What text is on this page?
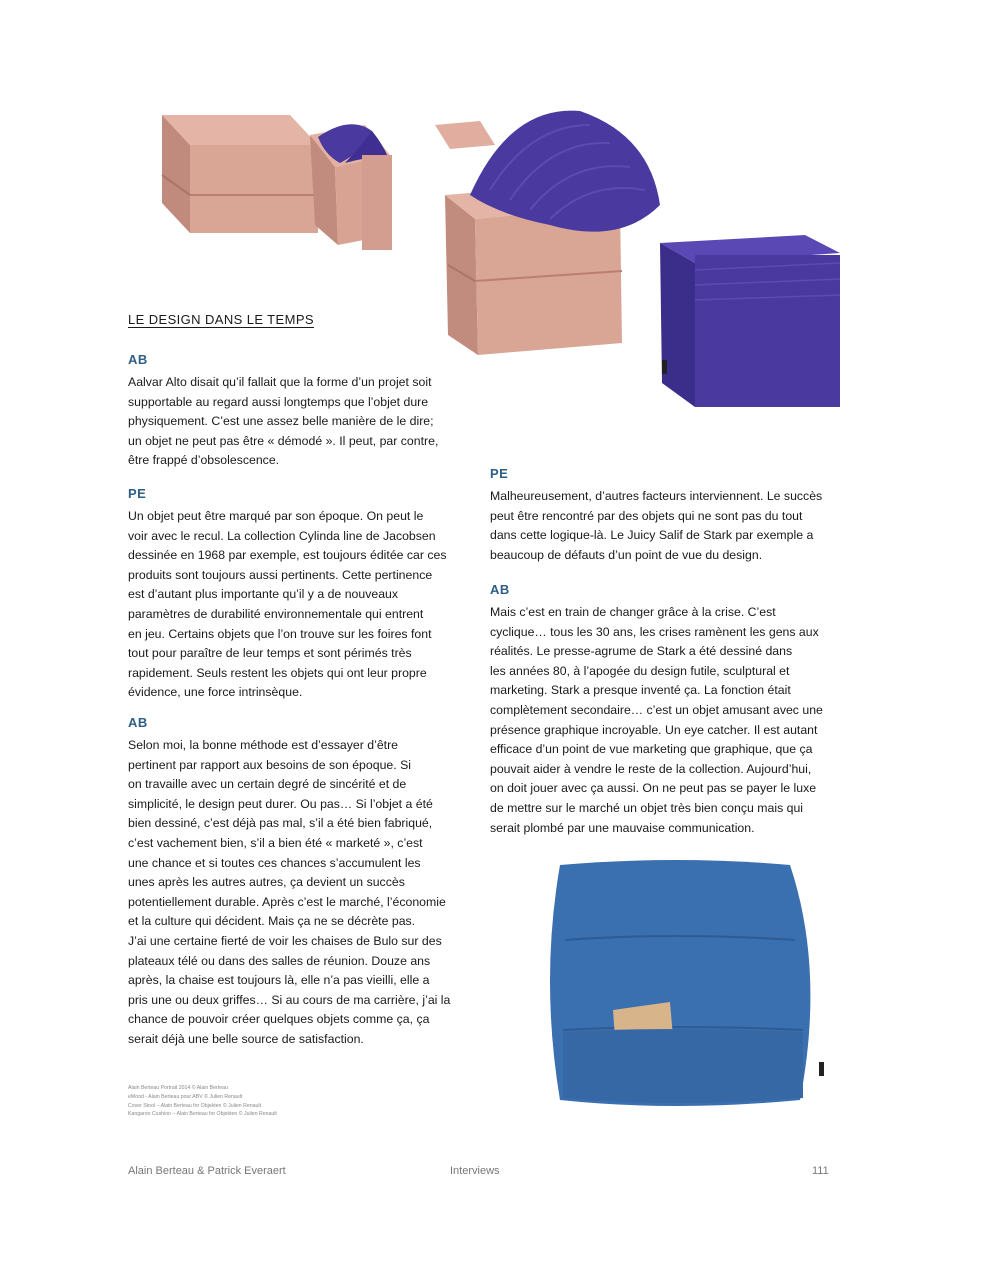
LE DESIGN DANS LE TEMPS

AB

Aalvar Alto disait qu’il fallait que la forme d’un projet soit
supportable au regard aussi longtemps que l’objet dure
physiquement. C’est une assez belle manière de le dire;
un objet ne peut pas être « démodé ». Il peut, par contre,
être frappé d’obsolescence.

PE

Un objet peut être marqué par son époque. On peut le
voir avec le recul. La collection Cylinda line de Jacobsen
dessinée en 1968 par exemple, est toujours éditée car ces
produits sont toujours aussi pertinents. Cette pertinence
est d’autant plus importante qu’il y a de nouveaux
paramètres de durabilité environnementale qui entrent
en jeu. Certains objets que l’on trouve sur les foires font
tout pour paraître de leur temps et sont périmés très
rapidement. Seuls restent les objets qui ont leur propre
évidence, une force intrinsèque.

AB

Selon moi, la bonne méthode est d’essayer d’être
pertinent par rapport aux besoins de son époque. Si
on travaille avec un certain degré de sincérité et de
simplicité, le design peut durer. Ou pas… Si l’objet a été
bien dessiné, c’est déjà pas mal, s’il a été bien fabriqué,
c’est vachement bien, s’il a bien été « marketé », c’est
une chance et si toutes ces chances s’accumulent les
unes après les autres autres, ça devient un succès
potentiellement durable. Après c’est le marché, l’économie
et la culture qui décident. Mais ça ne se décrète pas.
J’ai une certaine fierté de voir les chaises de Bulo sur des
plateaux télé ou dans des salles de réunion. Douze ans
après, la chaise est toujours là, elle n’a pas vieilli, elle a
pris une ou deux griffes… Si au cours de ma carrière, j’ai la
chance de pouvoir créer quelques objets comme ça, ça
serait déjà une belle source de satisfaction.

PE

Malheureusement, d’autres facteurs interviennent. Le succès
peut être rencontré par des objets qui ne sont pas du tout
dans cette logique-là. Le Juicy Salif de Stark par exemple a
beaucoup de défauts d’un point de vue du design.

AB

Mais c’est en train de changer grâce à la crise. C’est
cyclique… tous les 30 ans, les crises ramènent les gens aux
réalités. Le presse-agrume de Stark a été dessiné dans
les années 80, à l’apogée du design futile, sculptural et
marketing. Stark a presque inventé ça. La fonction était
complètement secondaire… c’est un objet amusant avec une
présence graphique incroyable. Un eye catcher. Il est autant
efficace d’un point de vue marketing que graphique, que ça
pouvait aider à vendre le reste de la collection. Aujourd’hui,
on doit jouer avec ça aussi. On ne peut pas se payer le luxe
de mettre sur le marché un objet très bien conçu mais qui
serait plombé par une mauvaise communication.

Alain Berteau Portrait 2014 © Alain Berteau
eMood - Alain Berteau pour ABV © Julien Renault
Cover Stool – Alain Berteau for Objekten © Julien Renault
Kangaroo Cushion – Alain Berteau for Objekten © Julien Renault
Alain Berteau & Patrick Everaert	Interviews	111
